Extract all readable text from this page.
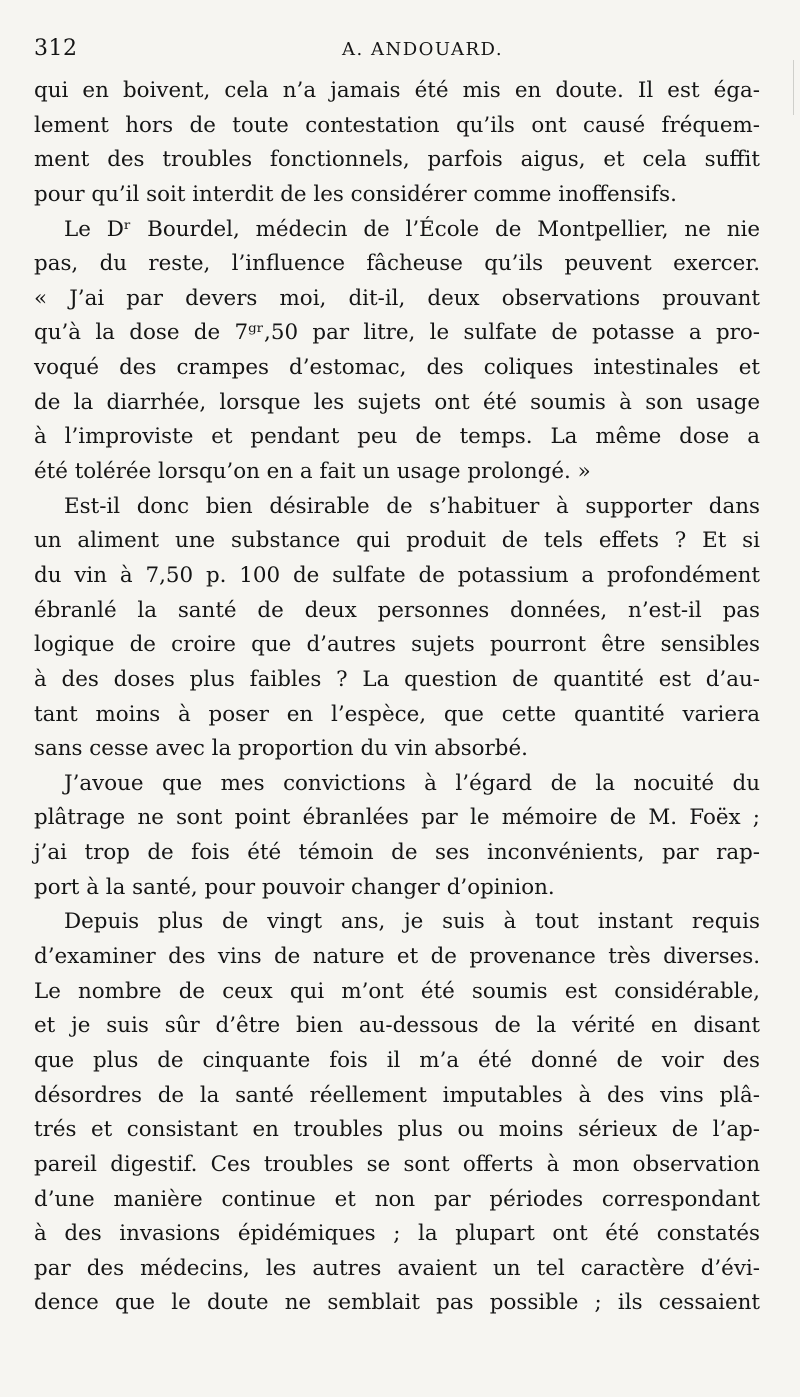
312	A. ANDOUARD.
qui en boivent, cela n’a jamais été mis en doute. Il est éga-
lement hors de toute contestation qu’ils ont causé fréquem-
ment des troubles fonctionnels, parfois aigus, et cela suffit
pour qu’il soit interdit de les considérer comme inoffensifs.
Le Dʳ Bourdel, médecin de l’École de Montpellier, ne nie
pas, du reste, l’influence fâcheuse qu’ils peuvent exercer.
« J’ai par devers moi, dit-il, deux observations prouvant
qu’à la dose de 7ᵍʳ,50 par litre, le sulfate de potasse a pro-
voqué des crampes d’estomac, des coliques intestinales et
de la diarrhée, lorsque les sujets ont été soumis à son usage
à l’improviste et pendant peu de temps. La même dose a
été tolérée lorsqu’on en a fait un usage prolongé. »
Est-il donc bien désirable de s’habituer à supporter dans
un aliment une substance qui produit de tels effets ? Et si
du vin à 7,50 p. 100 de sulfate de potassium a profondément
ébranlé la santé de deux personnes données, n’est-il pas
logique de croire que d’autres sujets pourront être sensibles
à des doses plus faibles ? La question de quantité est d’au-
tant moins à poser en l’espèce, que cette quantité variera
sans cesse avec la proportion du vin absorbé.
J’avoue que mes convictions à l’égard de la nocuité du
plâtrage ne sont point ébranlées par le mémoire de M. Foëx ;
j’ai trop de fois été témoin de ses inconvénients, par rap-
port à la santé, pour pouvoir changer d’opinion.
Depuis plus de vingt ans, je suis à tout instant requis
d’examiner des vins de nature et de provenance très diverses.
Le nombre de ceux qui m’ont été soumis est considérable,
et je suis sûr d’être bien au-dessous de la vérité en disant
que plus de cinquante fois il m’a été donné de voir des
désordres de la santé réellement imputables à des vins plâ-
trés et consistant en troubles plus ou moins sérieux de l’ap-
pareil digestif. Ces troubles se sont offerts à mon observation
d’une manière continue et non par périodes correspondant
à des invasions épidémiques ; la plupart ont été constatés
par des médecins, les autres avaient un tel caractère d’évi-
dence que le doute ne semblait pas possible ; ils cessaient
